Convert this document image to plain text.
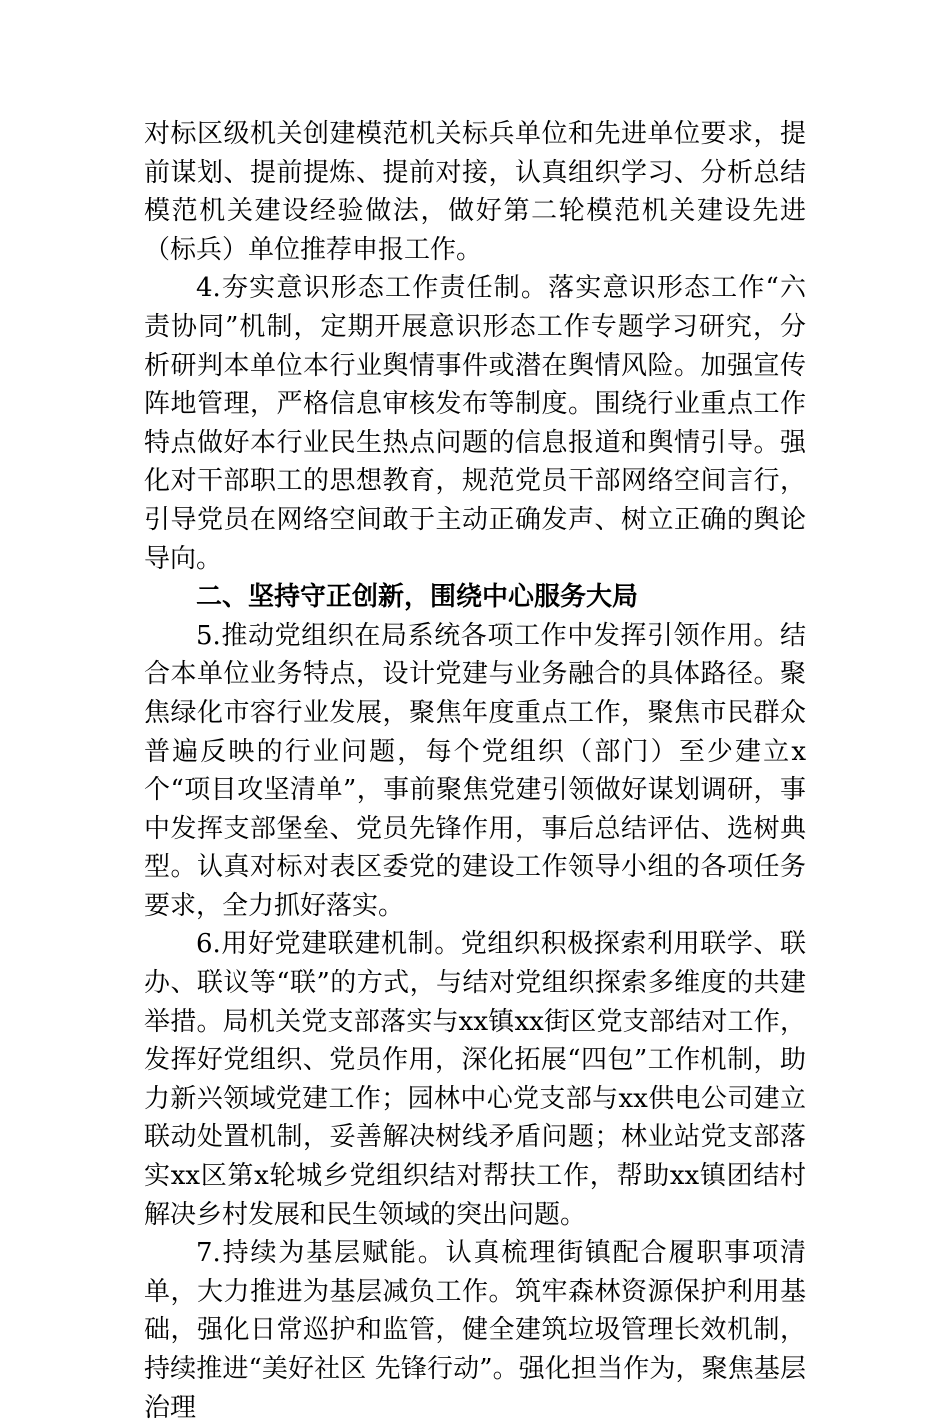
对标区级机关创建模范机关标兵单位和先进单位要求，提前谋划、提前提炼、提前对接，认真组织学习、分析总结模范机关建设经验做法，做好第二轮模范机关建设先进（标兵）单位推荐申报工作。

4.夯实意识形态工作责任制。落实意识形态工作“六责协同”机制，定期开展意识形态工作专题学习研究，分析研判本单位本行业舆情事件或潜在舆情风险。加强宣传阵地管理，严格信息审核发布等制度。围绕行业重点工作特点做好本行业民生热点问题的信息报道和舆情引导。强化对干部职工的思想教育，规范党员干部网络空间言行，引导党员在网络空间敢于主动正确发声、树立正确的舆论导向。

二、坚持守正创新，围绕中心服务大局

5.推动党组织在局系统各项工作中发挥引领作用。结合本单位业务特点，设计党建与业务融合的具体路径。聚焦绿化市容行业发展，聚焦年度重点工作，聚焦市民群众普遍反映的行业问题，每个党组织（部门）至少建立x个“项目攻坚清单”，事前聚焦党建引领做好谋划调研，事中发挥支部堡垒、党员先锋作用，事后总结评估、选树典型。认真对标对表区委党的建设工作领导小组的各项任务要求，全力抓好落实。

6.用好党建联建机制。党组织积极探索利用联学、联办、联议等“联”的方式，与结对党组织探索多维度的共建举措。局机关党支部落实与xx镇xx街区党支部结对工作，发挥好党组织、党员作用，深化拓展“四包”工作机制，助力新兴领域党建工作；园林中心党支部与xx供电公司建立联动处置机制，妥善解决树线矛盾问题；林业站党支部落实xx区第x轮城乡党组织结对帮扶工作，帮助xx镇团结村解决乡村发展和民生领域的突出问题。

7.持续为基层赋能。认真梳理街镇配合履职事项清单，大力推进为基层减负工作。筑牢森林资源保护利用基础，强化日常巡护和监管，健全建筑垃圾管理长效机制，持续推进“美好社区 先锋行动”。强化担当作为，聚焦基层治理
